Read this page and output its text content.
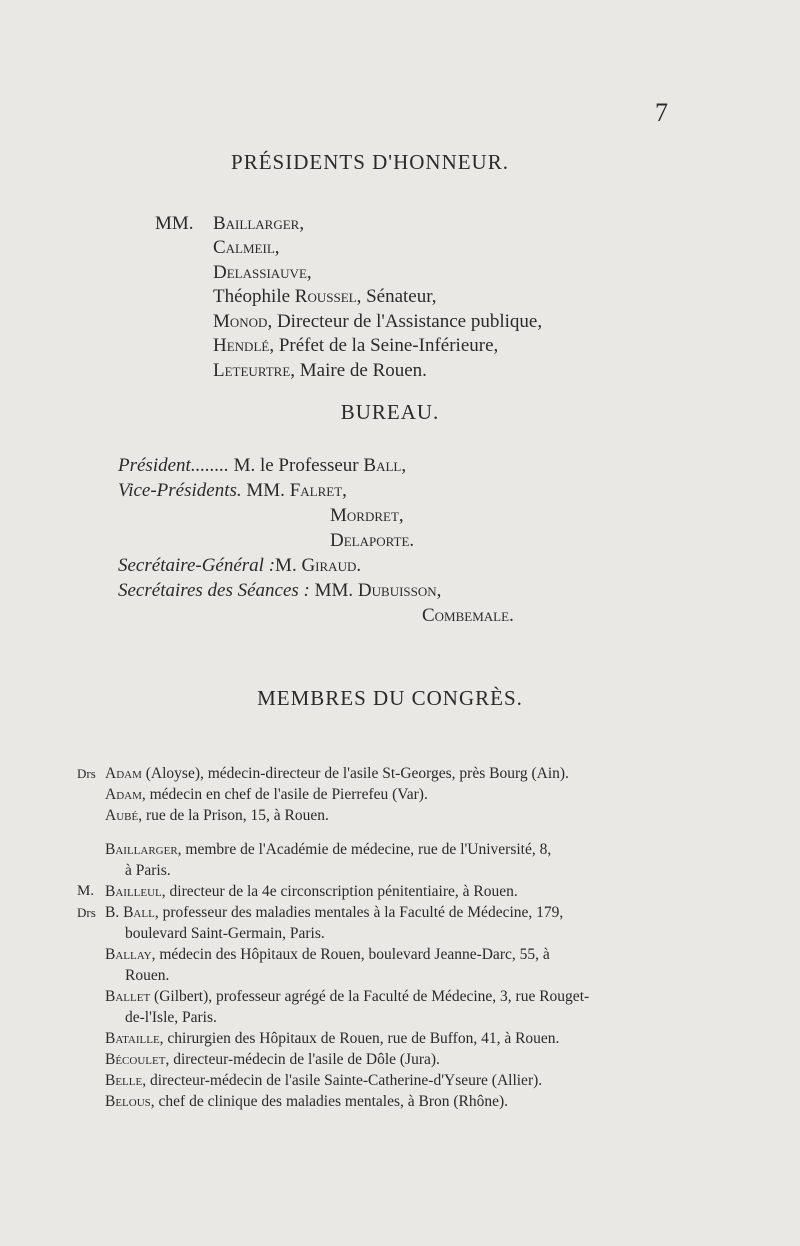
7
PRÉSIDENTS D'HONNEUR.
MM. Baillarger,
Calmeil,
Delassiauve,
Théophile Roussel, Sénateur,
Monod, Directeur de l'Assistance publique,
Hendlé, Préfet de la Seine-Inférieure,
Leteurtre, Maire de Rouen.
BUREAU.
Président........ M. le Professeur Ball,
Vice-Présidents. MM. Falret,
Mordret,
Delaporte.
Secrétaire-Général :M. Giraud.
Secrétaires des Séances : MM. Dubuisson,
Combemale.
MEMBRES DU CONGRÈS.
Drs Adam (Aloyse), médecin-directeur de l'asile St-Georges, près Bourg (Ain).
Adam, médecin en chef de l'asile de Pierrefeu (Var).
Aubé, rue de la Prison, 15, à Rouen.
Baillarger, membre de l'Académie de médecine, rue de l'Université, 8,
à Paris.
M. Bailleul, directeur de la 4e circonscription pénitentiaire, à Rouen.
Drs B. Ball, professeur des maladies mentales à la Faculté de Médecine, 179,
boulevard Saint-Germain, Paris.
Ballay, médecin des Hôpitaux de Rouen, boulevard Jeanne-Darc, 55, à
Rouen.
Ballet (Gilbert), professeur agrégé de la Faculté de Médecine, 3, rue Rouget-
de-l'Isle, Paris.
Bataille, chirurgien des Hôpitaux de Rouen, rue de Buffon, 41, à Rouen.
Bécoulet, directeur-médecin de l'asile de Dôle (Jura).
Belle, directeur-médecin de l'asile Sainte-Catherine-d'Yseure (Allier).
Belous, chef de clinique des maladies mentales, à Bron (Rhône).
